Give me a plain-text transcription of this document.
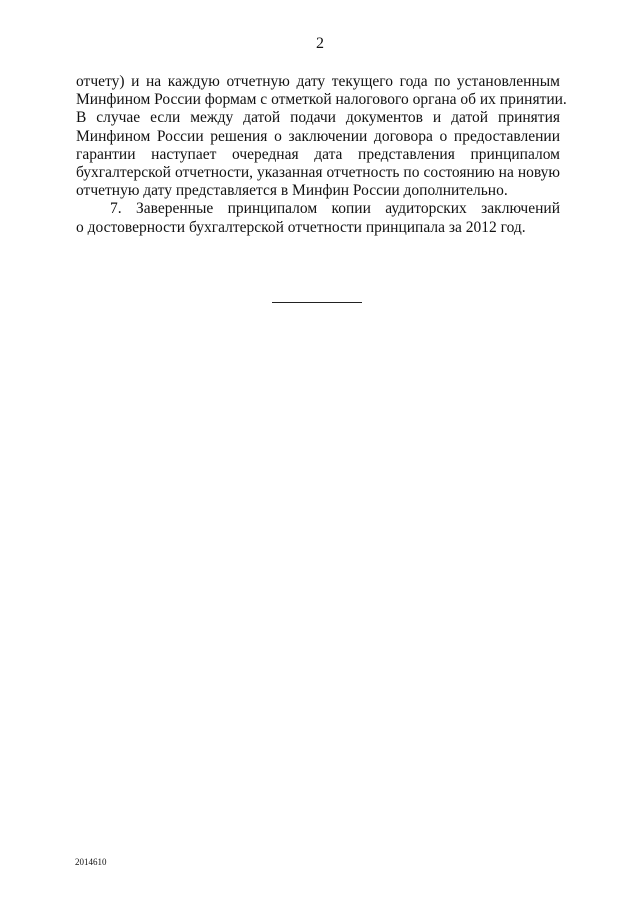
2
отчету) и на каждую отчетную дату текущего года по установленным
Минфином России формам с отметкой налогового органа об их принятии.
В случае если между датой подачи документов и датой принятия
Минфином России решения о заключении договора о предоставлении
гарантии наступает очередная дата представления принципалом
бухгалтерской отчетности, указанная отчетность по состоянию на новую
отчетную дату представляется в Минфин России дополнительно.
7. Заверенные принципалом копии аудиторских заключений
о достоверности бухгалтерской отчетности принципала за 2012 год.
2014610
